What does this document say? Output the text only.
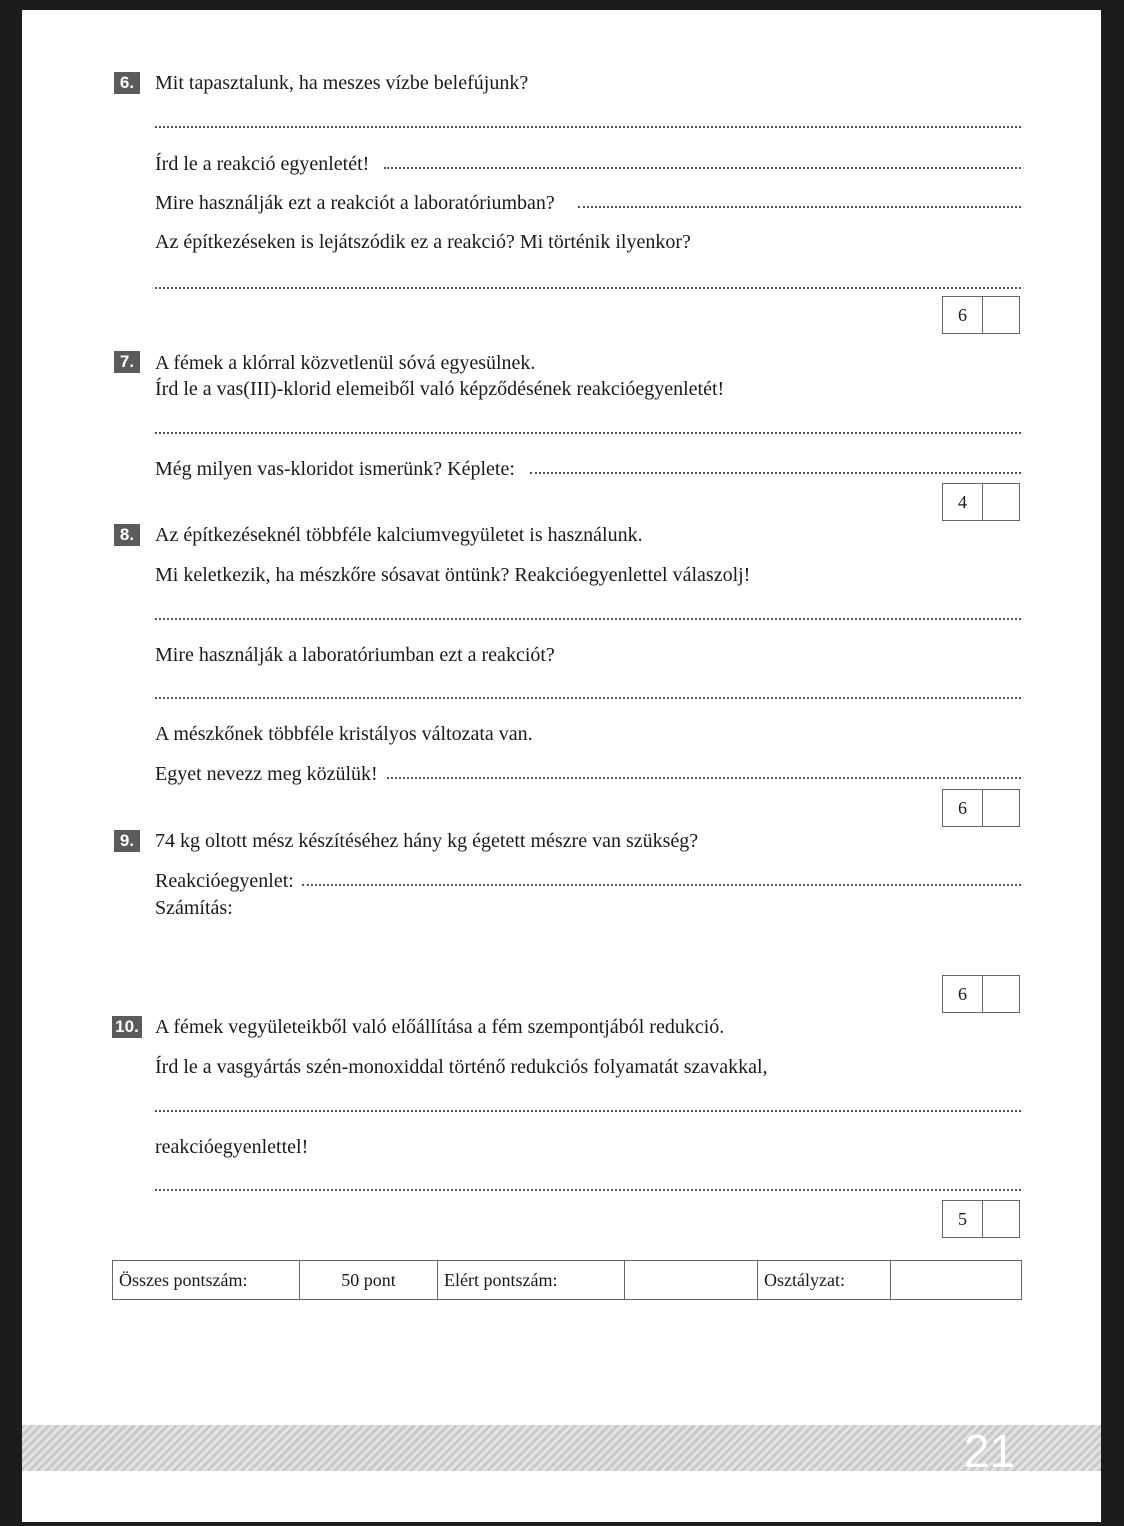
6. Mit tapasztalunk, ha meszes vízbe belefújunk?
Írd le a reakció egyenletét!
Mire használják ezt a reakciót a laboratóriumban?
Az építkezéseken is lejátszódik ez a reakció? Mi történik ilyenkor?
6
7. A fémek a klórral közvetlenül sóvá egyesülnek.
Írd le a vas(III)-klorid elemeiből való képződésének reakcióegyenletét!
Még milyen vas-kloridot ismerünk? Képlete:
4
8. Az építkezéseknél többféle kalciumvegyületet is használunk.
Mi keletkezik, ha mészkőre sósavat öntünk? Reakcióegyenlettel válaszolj!
Mire használják a laboratóriumban ezt a reakciót?
A mészkőnek többféle kristályos változata van.
Egyet nevezz meg közülük!
6
9. 74 kg oltott mész készítéséhez hány kg égetett mészre van szükség?
Reakcióegyenlet:
Számítás:
6
10. A fémek vegyületeikből való előállítása a fém szempontjából redukció.
Írd le a vasgyártás szén-monoxiddal történő redukciós folyamatát szavakkal,
reakcióegyenlettel!
5
Összes pontszám:	50 pont	Elért pontszám:		Osztályzat:	
21
